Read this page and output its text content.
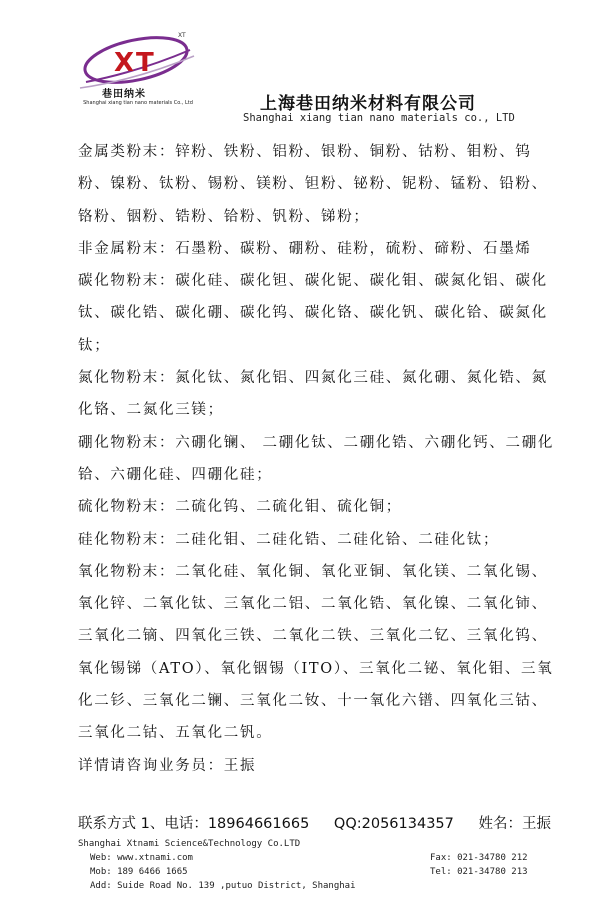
XT
XT
巷田纳米
Shanghai xiang tian nano materials Co., Ltd	上海巷田纳米材料有限公司
Shanghai xiang tian nano materials co., LTD

金属类粉末：锌粉、铁粉、铝粉、银粉、铜粉、钴粉、钼粉、钨粉、镍粉、钛粉、锡粉、镁粉、钽粉、铋粉、铌粉、锰粉、铅粉、铬粉、铟粉、锆粉、铪粉、钒粉、锑粉；

非金属粉末：石墨粉、碳粉、硼粉、硅粉，硫粉、碲粉、石墨烯

碳化物粉末：碳化硅、碳化钽、碳化铌、碳化钼、碳氮化铝、碳化钛、碳化锆、碳化硼、碳化钨、碳化铬、碳化钒、碳化铪、碳氮化钛；

氮化物粉末：氮化钛、氮化铝、四氮化三硅、氮化硼、氮化锆、氮化铬、二氮化三镁；

硼化物粉末：六硼化镧、 二硼化钛、二硼化锆、六硼化钙、二硼化铪、六硼化硅、四硼化硅；

硫化物粉末：二硫化钨、二硫化钼、硫化铜；

硅化物粉末：二硅化钼、二硅化锆、二硅化铪、二硅化钛；

氧化物粉末：二氧化硅、氧化铜、氧化亚铜、氧化镁、二氧化锡、氧化锌、二氧化钛、三氧化二铝、二氧化锆、氧化镍、二氧化铈、三氧化二镝、四氧化三铁、二氧化二铁、三氧化二钇、三氧化钨、氧化锡锑（ATO）、氧化铟锡（ITO）、三氧化二铋、氧化钼、三氧化二钐、三氧化二镧、三氧化二钕、十一氧化六镨、四氧化三钴、三氧化二钴、五氧化二钒。

详情请咨询业务员：王振

联系方式 1、电话：18964661665 QQ:2056134357 姓名：王振
Shanghai Xtnami Science&Technology Co.LTD
Web: www.xtnami.com	Fax: 021-34780 212
Mob: 189 6466 1665	Tel: 021-34780 213
Add: Suide Road No. 139 ,putuo District, Shanghai
